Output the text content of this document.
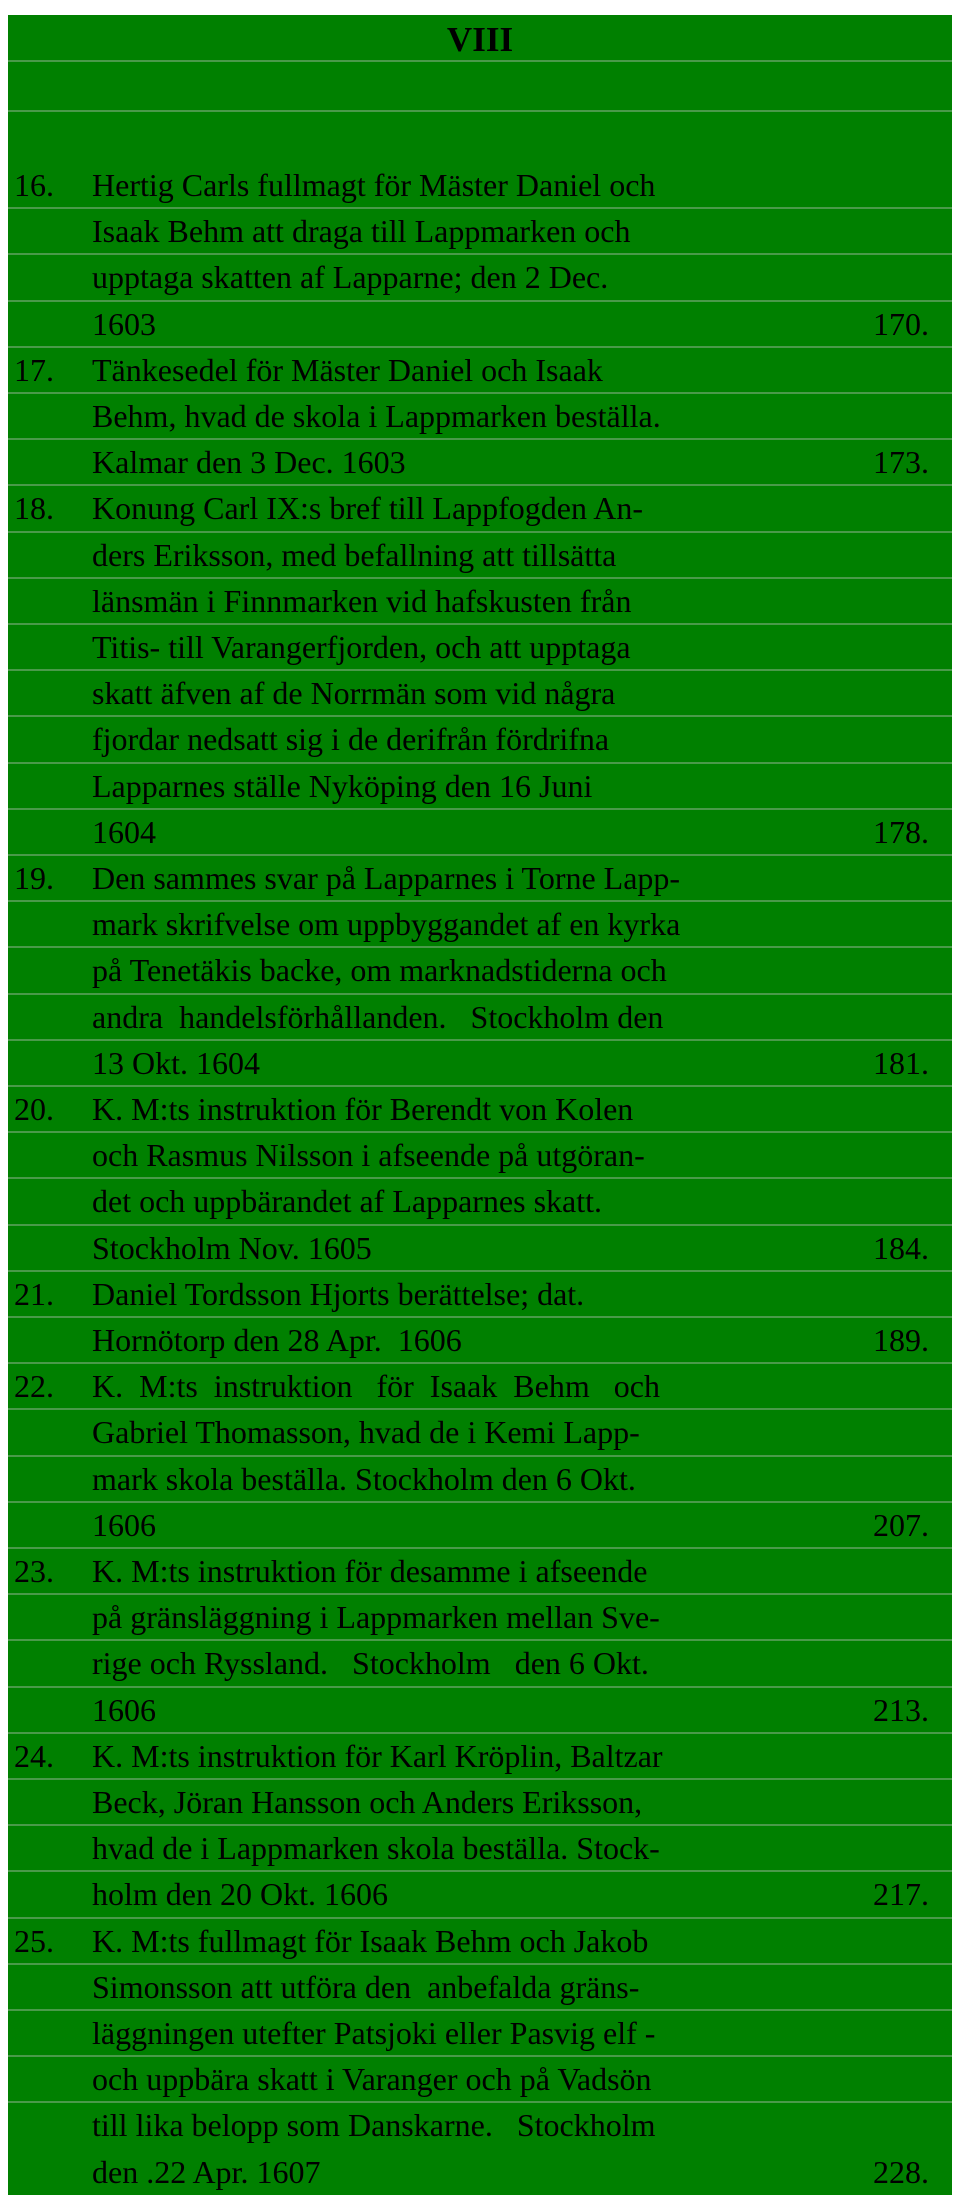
VIII
16. Hertig Carls fullmagt för Mäster Daniel och
Isaak Behm att draga till Lappmarken och
upptaga skatten af Lapparne; den 2 Dec.
1603	170.
17. Tänkesedel för Mäster Daniel och Isaak
Behm, hvad de skola i Lappmarken beställa.
Kalmar den 3 Dec. 1603	173.
18. Konung Carl IX:s bref till Lappfogden An-
ders Eriksson, med befallning att tillsätta
länsmän i Finnmarken vid hafskusten från
Titis- till Varangerfjorden, och att upptaga
skatt äfven af de Norrmän som vid några
fjordar nedsatt sig i de derifrån fördrifna
Lapparnes ställe Nyköping den 16 Juni
1604	178.
19. Den sammes svar på Lapparnes i Torne Lapp-
mark skrifvelse om uppbyggandet af en kyrka
på Tenetäkis backe, om marknadstiderna och
andra  handelsförhållanden.   Stockholm den
13 Okt. 1604	181.
20. K. M:ts instruktion för Berendt von Kolen
och Rasmus Nilsson i afseende på utgöran-
det och uppbärandet af Lapparnes skatt.
Stockholm Nov. 1605	184.
21. Daniel Tordsson Hjorts berättelse; dat.
Hornötorp den 28 Apr.  1606	189.
22. K.  M:ts  instruktion   för  Isaak  Behm   och
Gabriel Thomasson, hvad de i Kemi Lapp-
mark skola beställa. Stockholm den 6 Okt.
1606	207.
23. K. M:ts instruktion för desamme i afseende
på gränsläggning i Lappmarken mellan Sve-
rige och Ryssland.   Stockholm   den 6 Okt.
1606	213.
24. K. M:ts instruktion för Karl Kröplin, Baltzar
Beck, Jöran Hansson och Anders Eriksson,
hvad de i Lappmarken skola beställa. Stock-
holm den 20 Okt. 1606	217.
25. K. M:ts fullmagt för Isaak Behm och Jakob
Simonsson att utföra den  anbefalda gräns-
läggningen utefter Patsjoki eller Pasvig elf -
och uppbära skatt i Varanger och på Vadsön
till lika belopp som Danskarne.   Stockholm
den .22 Apr. 1607	228.
